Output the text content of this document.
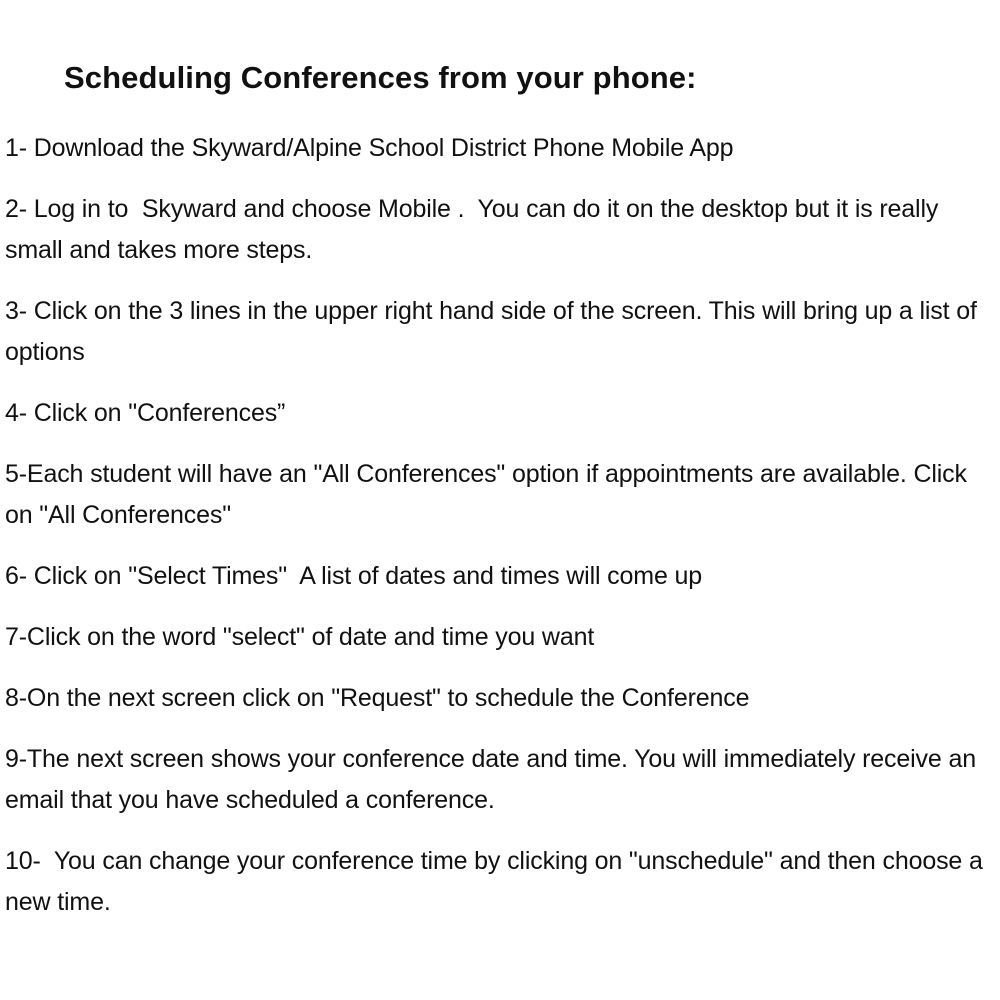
Scheduling Conferences from your phone:
1- Download the Skyward/Alpine School District Phone Mobile App
2- Log in to  Skyward and choose Mobile .  You can do it on the desktop but it is really small and takes more steps.
3- Click on the 3 lines in the upper right hand side of the screen. This will bring up a list of options
4- Click on "Conferences”
5-Each student will have an "All Conferences" option if appointments are available. Click on "All Conferences"
6- Click on "Select Times"  A list of dates and times will come up
7-Click on the word "select" of date and time you want
8-On the next screen click on "Request" to schedule the Conference
9-The next screen shows your conference date and time. You will immediately receive an email that you have scheduled a conference.
10-  You can change your conference time by clicking on "unschedule" and then choose a new time.
